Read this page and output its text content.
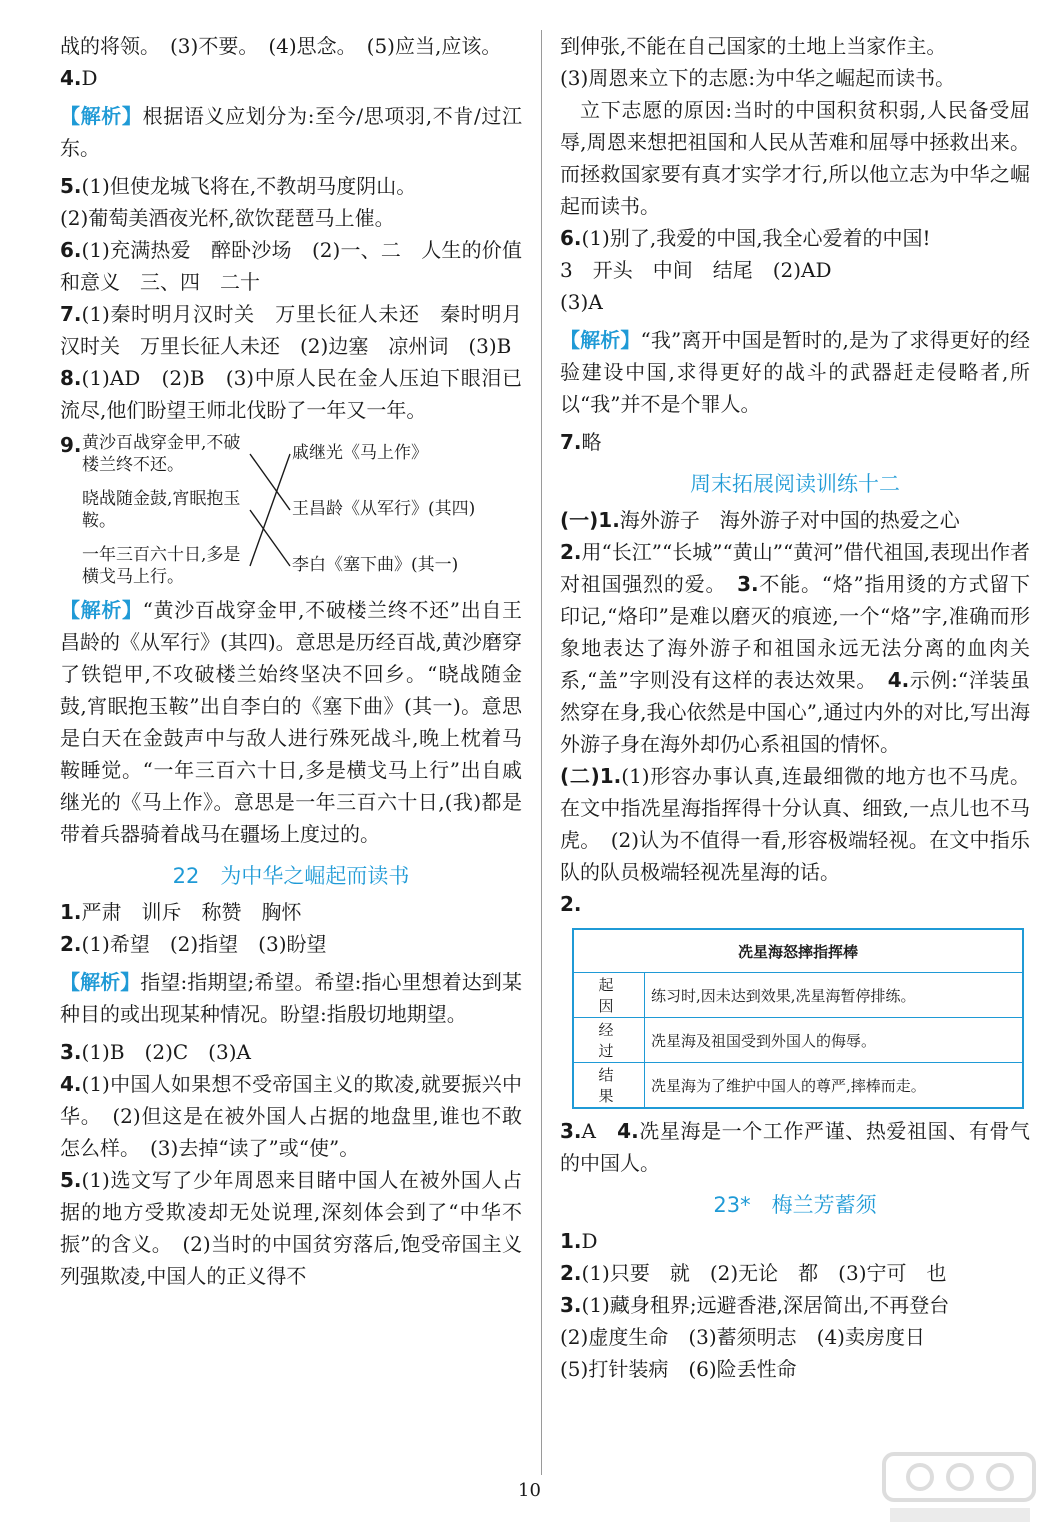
战的将领。　(3)不要。　(4)思念。　(5)应当,应该。

4.D

【解析】根据语义应划分为:至今/思项羽,不肯/过江东。

5.(1)但使龙城飞将在,不教胡马度阴山。

(2)葡萄美酒夜光杯,欲饮琵琶马上催。

6.(1)充满热爱　醉卧沙场　(2)一、二　人生的价值和意义　三、四　二十

7.(1)秦时明月汉时关　万里长征人未还　秦时明月汉时关　万里长征人未还　(2)边塞　凉州词　(3)B

8.(1)AD　(2)B　(3)中原人民在金人压迫下眼泪已流尽,他们盼望王师北伐盼了一年又一年。

9. 黄沙百战穿金甲,不破楼兰终不还。
晓战随金鼓,宵眠抱玉鞍。
一年三百六十日,多是横戈马上行。
戚继光《马上作》
王昌龄《从军行》(其四)
李白《塞下曲》(其一)

【解析】“黄沙百战穿金甲,不破楼兰终不还”出自王昌龄的《从军行》(其四)。意思是历经百战,黄沙磨穿了铁铠甲,不攻破楼兰始终坚决不回乡。“晓战随金鼓,宵眠抱玉鞍”出自李白的《塞下曲》(其一)。意思是白天在金鼓声中与敌人进行殊死战斗,晚上枕着马鞍睡觉。“一年三百六十日,多是横戈马上行”出自戚继光的《马上作》。意思是一年三百六十日,(我)都是带着兵器骑着战马在疆场上度过的。

22　为中华之崛起而读书

1.严肃　训斥　称赞　胸怀

2.(1)希望　(2)指望　(3)盼望

【解析】指望:指期望;希望。希望:指心里想着达到某种目的或出现某种情况。盼望:指殷切地期望。

3.(1)B　(2)C　(3)A

4.(1)中国人如果想不受帝国主义的欺凌,就要振兴中华。　(2)但这是在被外国人占据的地盘里,谁也不敢怎么样。　(3)去掉“读了”或“使”。

5.(1)选文写了少年周恩来目睹中国人在被外国人占据的地方受欺凌却无处说理,深刻体会到了“中华不振”的含义。　(2)当时的中国贫穷落后,饱受帝国主义列强欺凌,中国人的正义得不

到伸张,不能在自己国家的土地上当家作主。

(3)周恩来立下的志愿:为中华之崛起而读书。

立下志愿的原因:当时的中国积贫积弱,人民备受屈辱,周恩来想把祖国和人民从苦难和屈辱中拯救出来。而拯救国家要有真才实学才行,所以他立志为中华之崛起而读书。

6.(1)别了,我爱的中国,我全心爱着的中国!

3　开头　中间　结尾　(2)AD

(3)A

【解析】“我”离开中国是暂时的,是为了求得更好的经验建设中国,求得更好的战斗的武器赶走侵略者,所以“我”并不是个罪人。

7.略

周末拓展阅读训练十二

(一)1.海外游子　海外游子对中国的热爱之心

2.用“长江”“长城”“黄山”“黄河”借代祖国,表现出作者对祖国强烈的爱。　 3.不能。“烙”指用烫的方式留下印记,“烙印”是难以磨灭的痕迹,一个“烙”字,准确而形象地表达了海外游子和祖国永远无法分离的血肉关系,“盖”字则没有这样的表达效果。　 4.示例:“洋装虽然穿在身,我心依然是中国心”,通过内外的对比,写出海外游子身在海外却仍心系祖国的情怀。

(二)1.(1)形容办事认真,连最细微的地方也不马虎。在文中指冼星海指挥得十分认真、细致,一点儿也不马虎。　(2)认为不值得一看,形容极端轻视。在文中指乐队的队员极端轻视冼星海的话。

2.

冼星海怒摔指挥棒	
起因	练习时,因未达到效果,冼星海暂停排练。
经过	冼星海及祖国受到外国人的侮辱。
结果	冼星海为了维护中国人的尊严,摔棒而走。

3.A　 4.冼星海是一个工作严谨、热爱祖国、有骨气的中国人。

23*　梅兰芳蓄须

1.D

2.(1)只要　就　(2)无论　都　(3)宁可　也

3.(1)藏身租界;远避香港,深居简出,不再登台

(2)虚度生命　(3)蓄须明志　(4)卖房度日

(5)打针装病　(6)险丢性命

10
